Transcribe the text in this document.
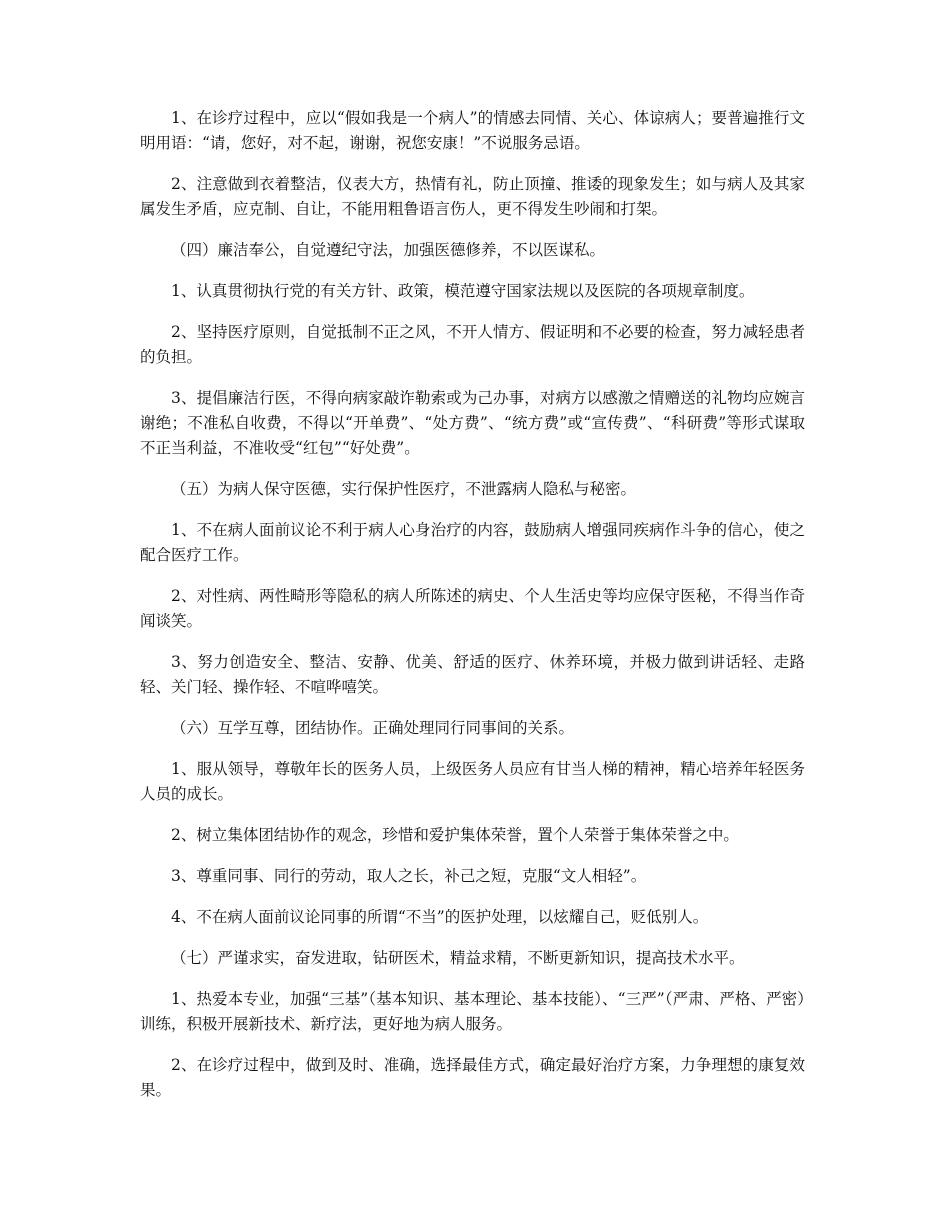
1、在诊疗过程中，应以“假如我是一个病人”的情感去同情、关心、体谅病人；要普遍推行文明用语：“请，您好，对不起，谢谢，祝您安康！”不说服务忌语。

2、注意做到衣着整洁，仪表大方，热情有礼，防止顶撞、推诿的现象发生；如与病人及其家属发生矛盾，应克制、自让，不能用粗鲁语言伤人，更不得发生吵闹和打架。

（四）廉洁奉公，自觉遵纪守法，加强医德修养，不以医谋私。

1、认真贯彻执行党的有关方针、政策，模范遵守国家法规以及医院的各项规章制度。

2、坚持医疗原则，自觉抵制不正之风，不开人情方、假证明和不必要的检查，努力减轻患者的负担。

3、提倡廉洁行医，不得向病家敲诈勒索或为己办事，对病方以感激之情赠送的礼物均应婉言谢绝；不准私自收费，不得以“开单费”、“处方费”、“统方费”或“宣传费”、“科研费”等形式谋取不正当利益，不准收受“红包”“好处费”。

（五）为病人保守医德，实行保护性医疗，不泄露病人隐私与秘密。

1、不在病人面前议论不利于病人心身治疗的内容，鼓励病人增强同疾病作斗争的信心，使之配合医疗工作。

2、对性病、两性畸形等隐私的病人所陈述的病史、个人生活史等均应保守医秘，不得当作奇闻谈笑。

3、努力创造安全、整洁、安静、优美、舒适的医疗、休养环境，并极力做到讲话轻、走路轻、关门轻、操作轻、不喧哗嘻笑。

（六）互学互尊，团结协作。正确处理同行同事间的关系。

1、服从领导，尊敬年长的医务人员，上级医务人员应有甘当人梯的精神，精心培养年轻医务人员的成长。

2、树立集体团结协作的观念，珍惜和爱护集体荣誉，置个人荣誉于集体荣誉之中。

3、尊重同事、同行的劳动，取人之长，补己之短，克服“文人相轻”。

4、不在病人面前议论同事的所谓“不当”的医护处理，以炫耀自己，贬低别人。

（七）严谨求实，奋发进取，钻研医术，精益求精，不断更新知识，提高技术水平。

1、热爱本专业，加强“三基”（基本知识、基本理论、基本技能）、“三严”（严肃、严格、严密）训练，积极开展新技术、新疗法，更好地为病人服务。

2、在诊疗过程中，做到及时、准确，选择最佳方式，确定最好治疗方案，力争理想的康复效果。
